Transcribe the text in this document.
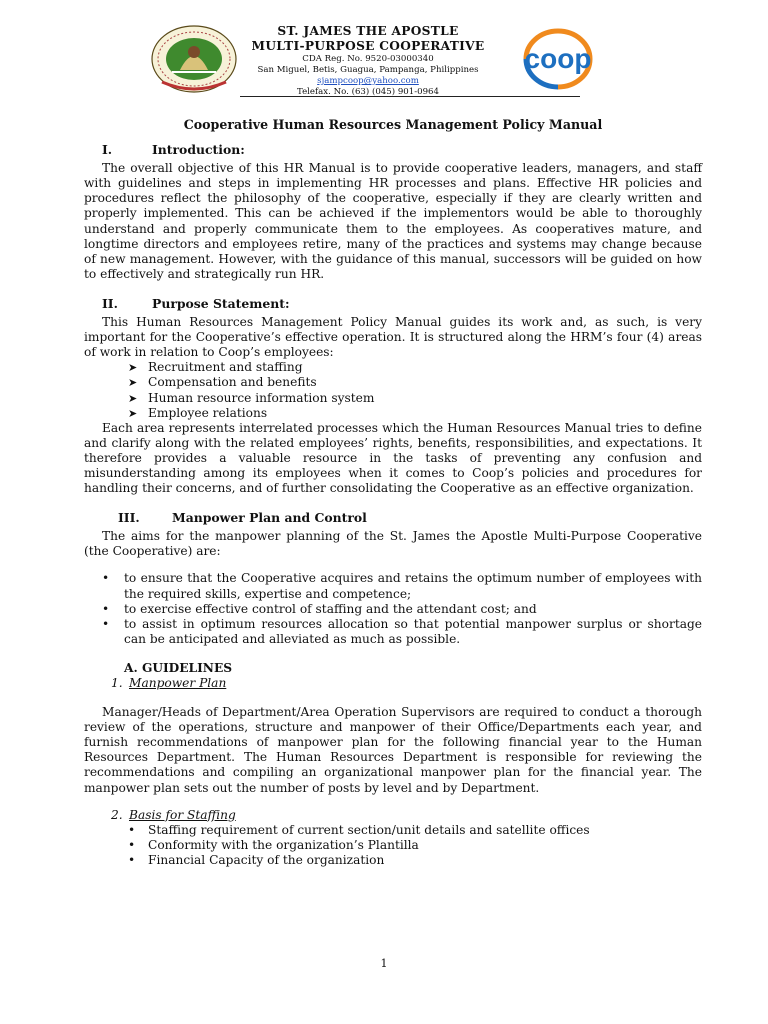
ST. JAMES THE APOSTLE
MULTI-PURPOSE COOPERATIVE
CDA Reg. No. 9520-03000340
San Miguel, Betis, Guagua, Pampanga, Philippines
sjampcoop@yahoo.com
Telefax. No. (63) (045) 901-0964
coop
Cooperative Human Resources Management Policy Manual
I.	Introduction:

The overall objective of this HR Manual is to provide cooperative leaders, managers, and staff with guidelines and steps in implementing HR processes and plans. Effective HR policies and procedures reflect the philosophy of the cooperative, especially if they are clearly written and properly implemented. This can be achieved if the implementors would be able to thoroughly understand and properly communicate them to the employees. As cooperatives mature, and longtime directors and employees retire, many of the practices and systems may change because of new management. However, with the guidance of this manual, successors will be guided on how to effectively and strategically run HR.

II.	Purpose Statement:

This Human Resources Management Policy Manual guides its work and, as such, is very important for the Cooperative’s effective operation. It is structured along the HRM’s four (4) areas of work in relation to Coop’s employees:

➤ Recruitment and staffing
➤ Compensation and benefits
➤ Human resource information system
➤ Employee relations

Each area represents interrelated processes which the Human Resources Manual tries to define and clarify along with the related employees’ rights, benefits, responsibilities, and expectations. It therefore provides a valuable resource in the tasks of preventing any confusion and misunderstanding among its employees when it comes to Coop’s policies and procedures for handling their concerns, and of further consolidating the Cooperative as an effective organization.

III.	Manpower Plan and Control

The aims for the manpower planning of the St. James the Apostle Multi-Purpose Cooperative (the Cooperative) are:

• to ensure that the Cooperative acquires and retains the optimum number of employees with the required skills, expertise and competence;
• to exercise effective control of staffing and the attendant cost; and
• to assist in optimum resources allocation so that potential manpower surplus or shortage can be anticipated and alleviated as much as possible.
A. GUIDELINES
1. Manpower Plan

Manager/Heads of Department/Area Operation Supervisors are required to conduct a thorough review of the operations, structure and manpower of their Office/Departments each year, and furnish recommendations of manpower plan for the following financial year to the Human Resources Department. The Human Resources Department is responsible for reviewing the recommendations and compiling an organizational manpower plan for the financial year. The manpower plan sets out the number of posts by level and by Department.

2. Basis for Staffing
• Staffing requirement of current section/unit details and satellite offices
• Conformity with the organization’s Plantilla
• Financial Capacity of the organization
1
